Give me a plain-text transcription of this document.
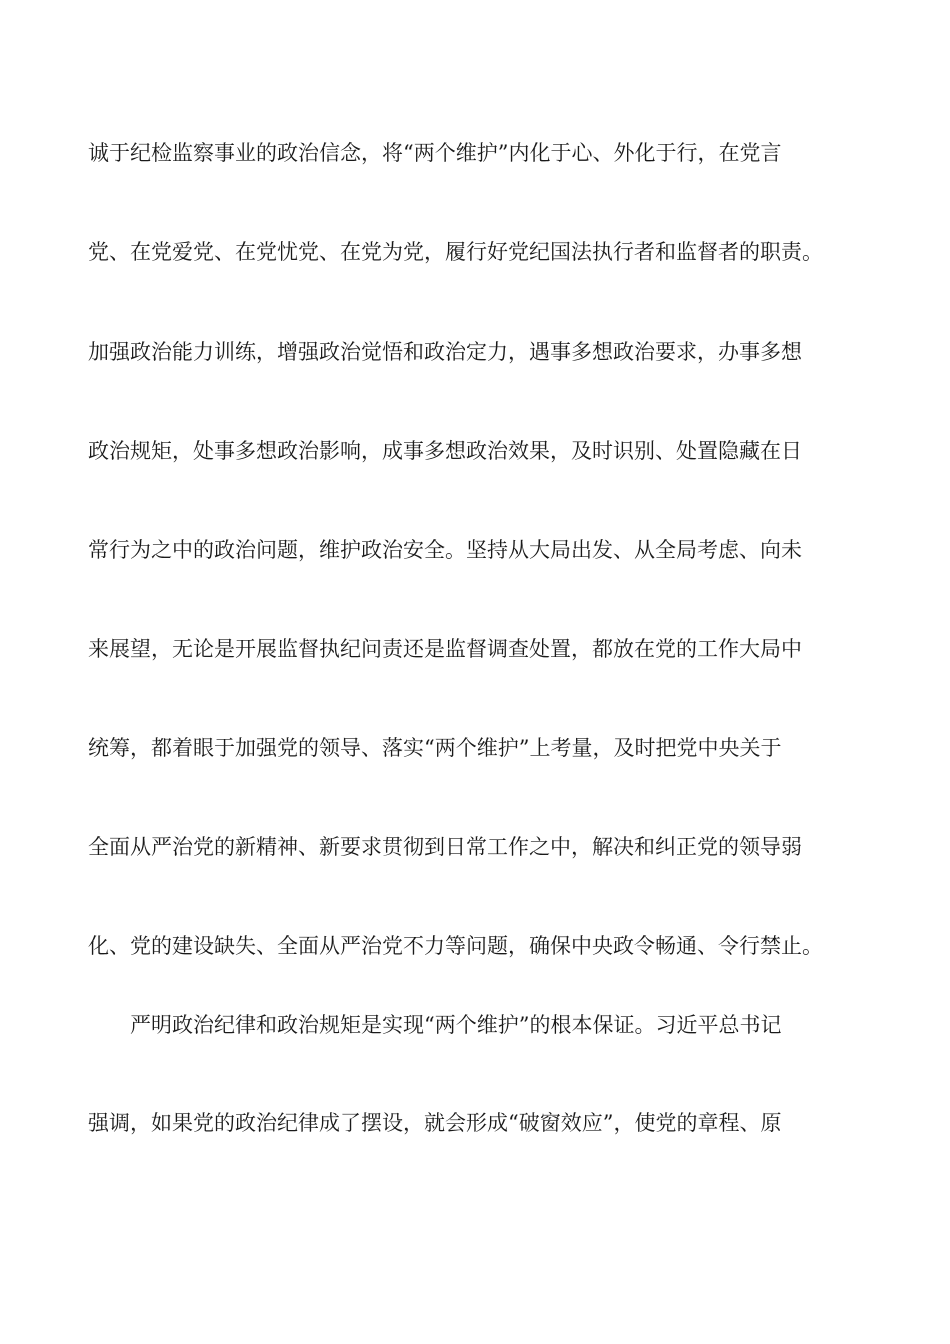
诚于纪检监察事业的政治信念，将“两个维护”内化于心、外化于行，在党言
党、在党爱党、在党忧党、在党为党，履行好党纪国法执行者和监督者的职责。
加强政治能力训练，增强政治觉悟和政治定力，遇事多想政治要求，办事多想
政治规矩，处事多想政治影响，成事多想政治效果，及时识别、处置隐藏在日
常行为之中的政治问题，维护政治安全。坚持从大局出发、从全局考虑、向未
来展望，无论是开展监督执纪问责还是监督调查处置，都放在党的工作大局中
统筹，都着眼于加强党的领导、落实“两个维护”上考量，及时把党中央关于
全面从严治党的新精神、新要求贯彻到日常工作之中，解决和纠正党的领导弱
化、党的建设缺失、全面从严治党不力等问题，确保中央政令畅通、令行禁止。
严明政治纪律和政治规矩是实现“两个维护”的根本保证。习近平总书记
强调，如果党的政治纪律成了摆设，就会形成“破窗效应”，使党的章程、原
